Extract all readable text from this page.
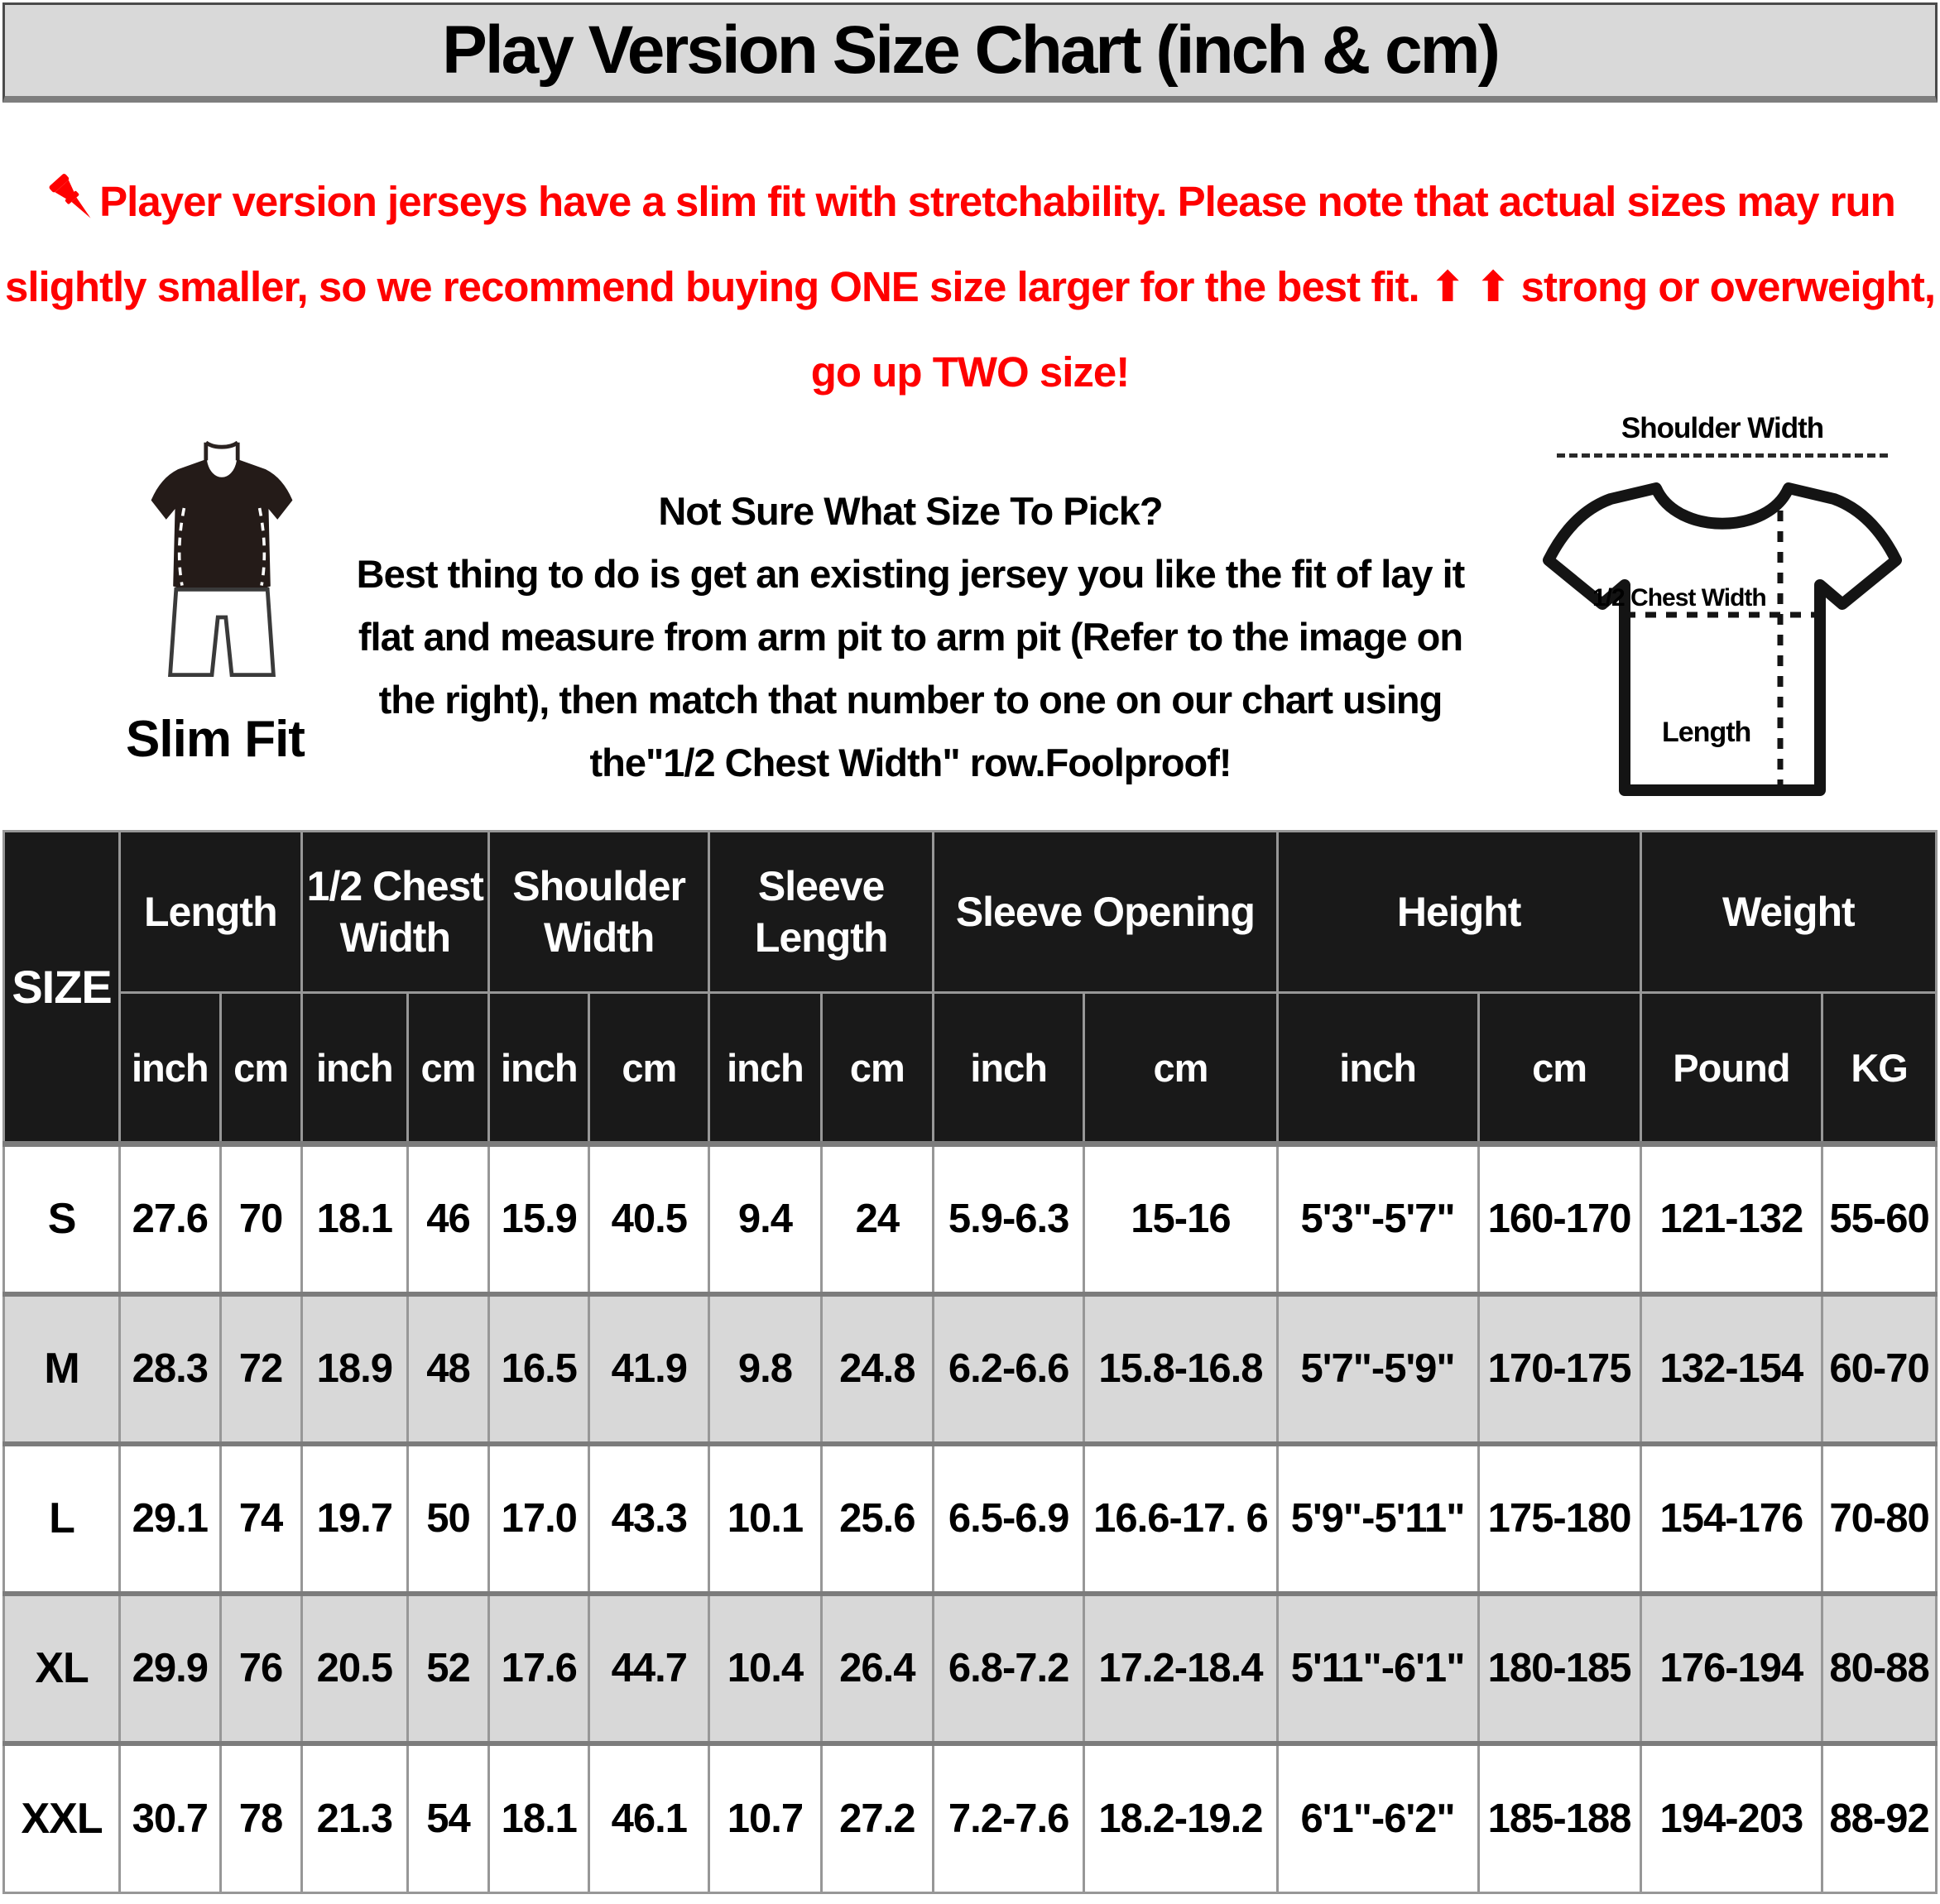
Play Version Size Chart (inch & cm)
Player version jerseys have a slim fit with stretchability. Please note that actual sizes may run
slightly smaller, so we recommend buying ONE size larger for the best fit. ⬆ ⬆ strong or overweight,
go up TWO size!
Slim Fit
Not Sure What Size To Pick?
Best thing to do is get an existing jersey you like the fit of lay it
flat and measure from arm pit to arm pit (Refer to the image on
the right), then match that number to one on our chart using
the"1/2 Chest Width" row.Foolproof!
Shoulder Width
1/2 Chest Width
Length
SIZE	Length		1/2 Chest Width		Shoulder Width		Sleeve Length		Sleeve Opening		Height		Weight	
	inch	cm	inch	cm	inch	cm	inch	cm	inch	cm	inch	cm	Pound	KG
S	27.6	70	18.1	46	15.9	40.5	9.4	24	5.9-6.3	15-16	5'3"-5'7"	160-170	121-132	55-60
M	28.3	72	18.9	48	16.5	41.9	9.8	24.8	6.2-6.6	15.8-16.8	5'7"-5'9"	170-175	132-154	60-70
L	29.1	74	19.7	50	17.0	43.3	10.1	25.6	6.5-6.9	16.6-17. 6	5'9"-5'11"	175-180	154-176	70-80
XL	29.9	76	20.5	52	17.6	44.7	10.4	26.4	6.8-7.2	17.2-18.4	5'11"-6'1"	180-185	176-194	80-88
XXL	30.7	78	21.3	54	18.1	46.1	10.7	27.2	7.2-7.6	18.2-19.2	6'1"-6'2"	185-188	194-203	88-92
